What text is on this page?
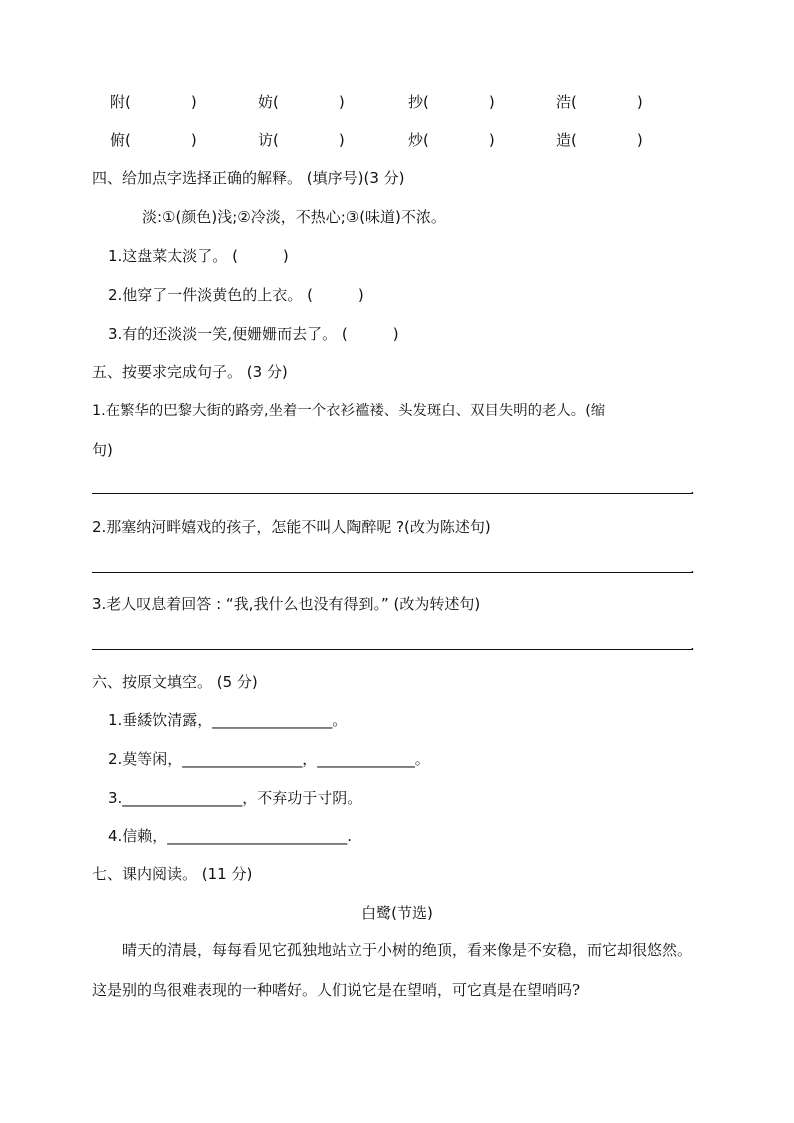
附(　　　　)	妨(　　　　)	抄(　　　　)	浩(　　　　)
俯(　　　　)	访(　　　　)	炒(　　　　)	造(　　　　)
四、给加点字选择正确的解释。 (填序号)(3 分)
淡:①(颜色)浅;②冷淡，不热心;③(味道)不浓。
1.这盘菜太淡了。 (　　　)
2.他穿了一件淡黄色的上衣。 (　　　)
3.有的还淡淡一笑,便姗姗而去了。 (　　　)
五、按要求完成句子。 (3 分)
1.在繁华的巴黎大街的路旁,坐着一个衣衫褴褛、头发斑白、双目失明的老人。(缩
句)
.
2.那塞纳河畔嬉戏的孩子，怎能不叫人陶醉呢 ?(改为陈述句)
.
3.老人叹息着回答 : “我,我什么也没有得到。” (改为转述句)
.
六、按原文填空。 (5 分)
1.垂緌饮清露，________________。
2.莫等闲，________________，_____________。
3.________________，不弃功于寸阴。
4.信赖，________________________.
七、课内阅读。 (11 分)
白鹭(节选)
晴天的清晨，每每看见它孤独地站立于小树的绝顶，看来像是不安稳，而它却很悠然。这是别的鸟很难表现的一种嗜好。人们说它是在望哨，可它真是在望哨吗?
